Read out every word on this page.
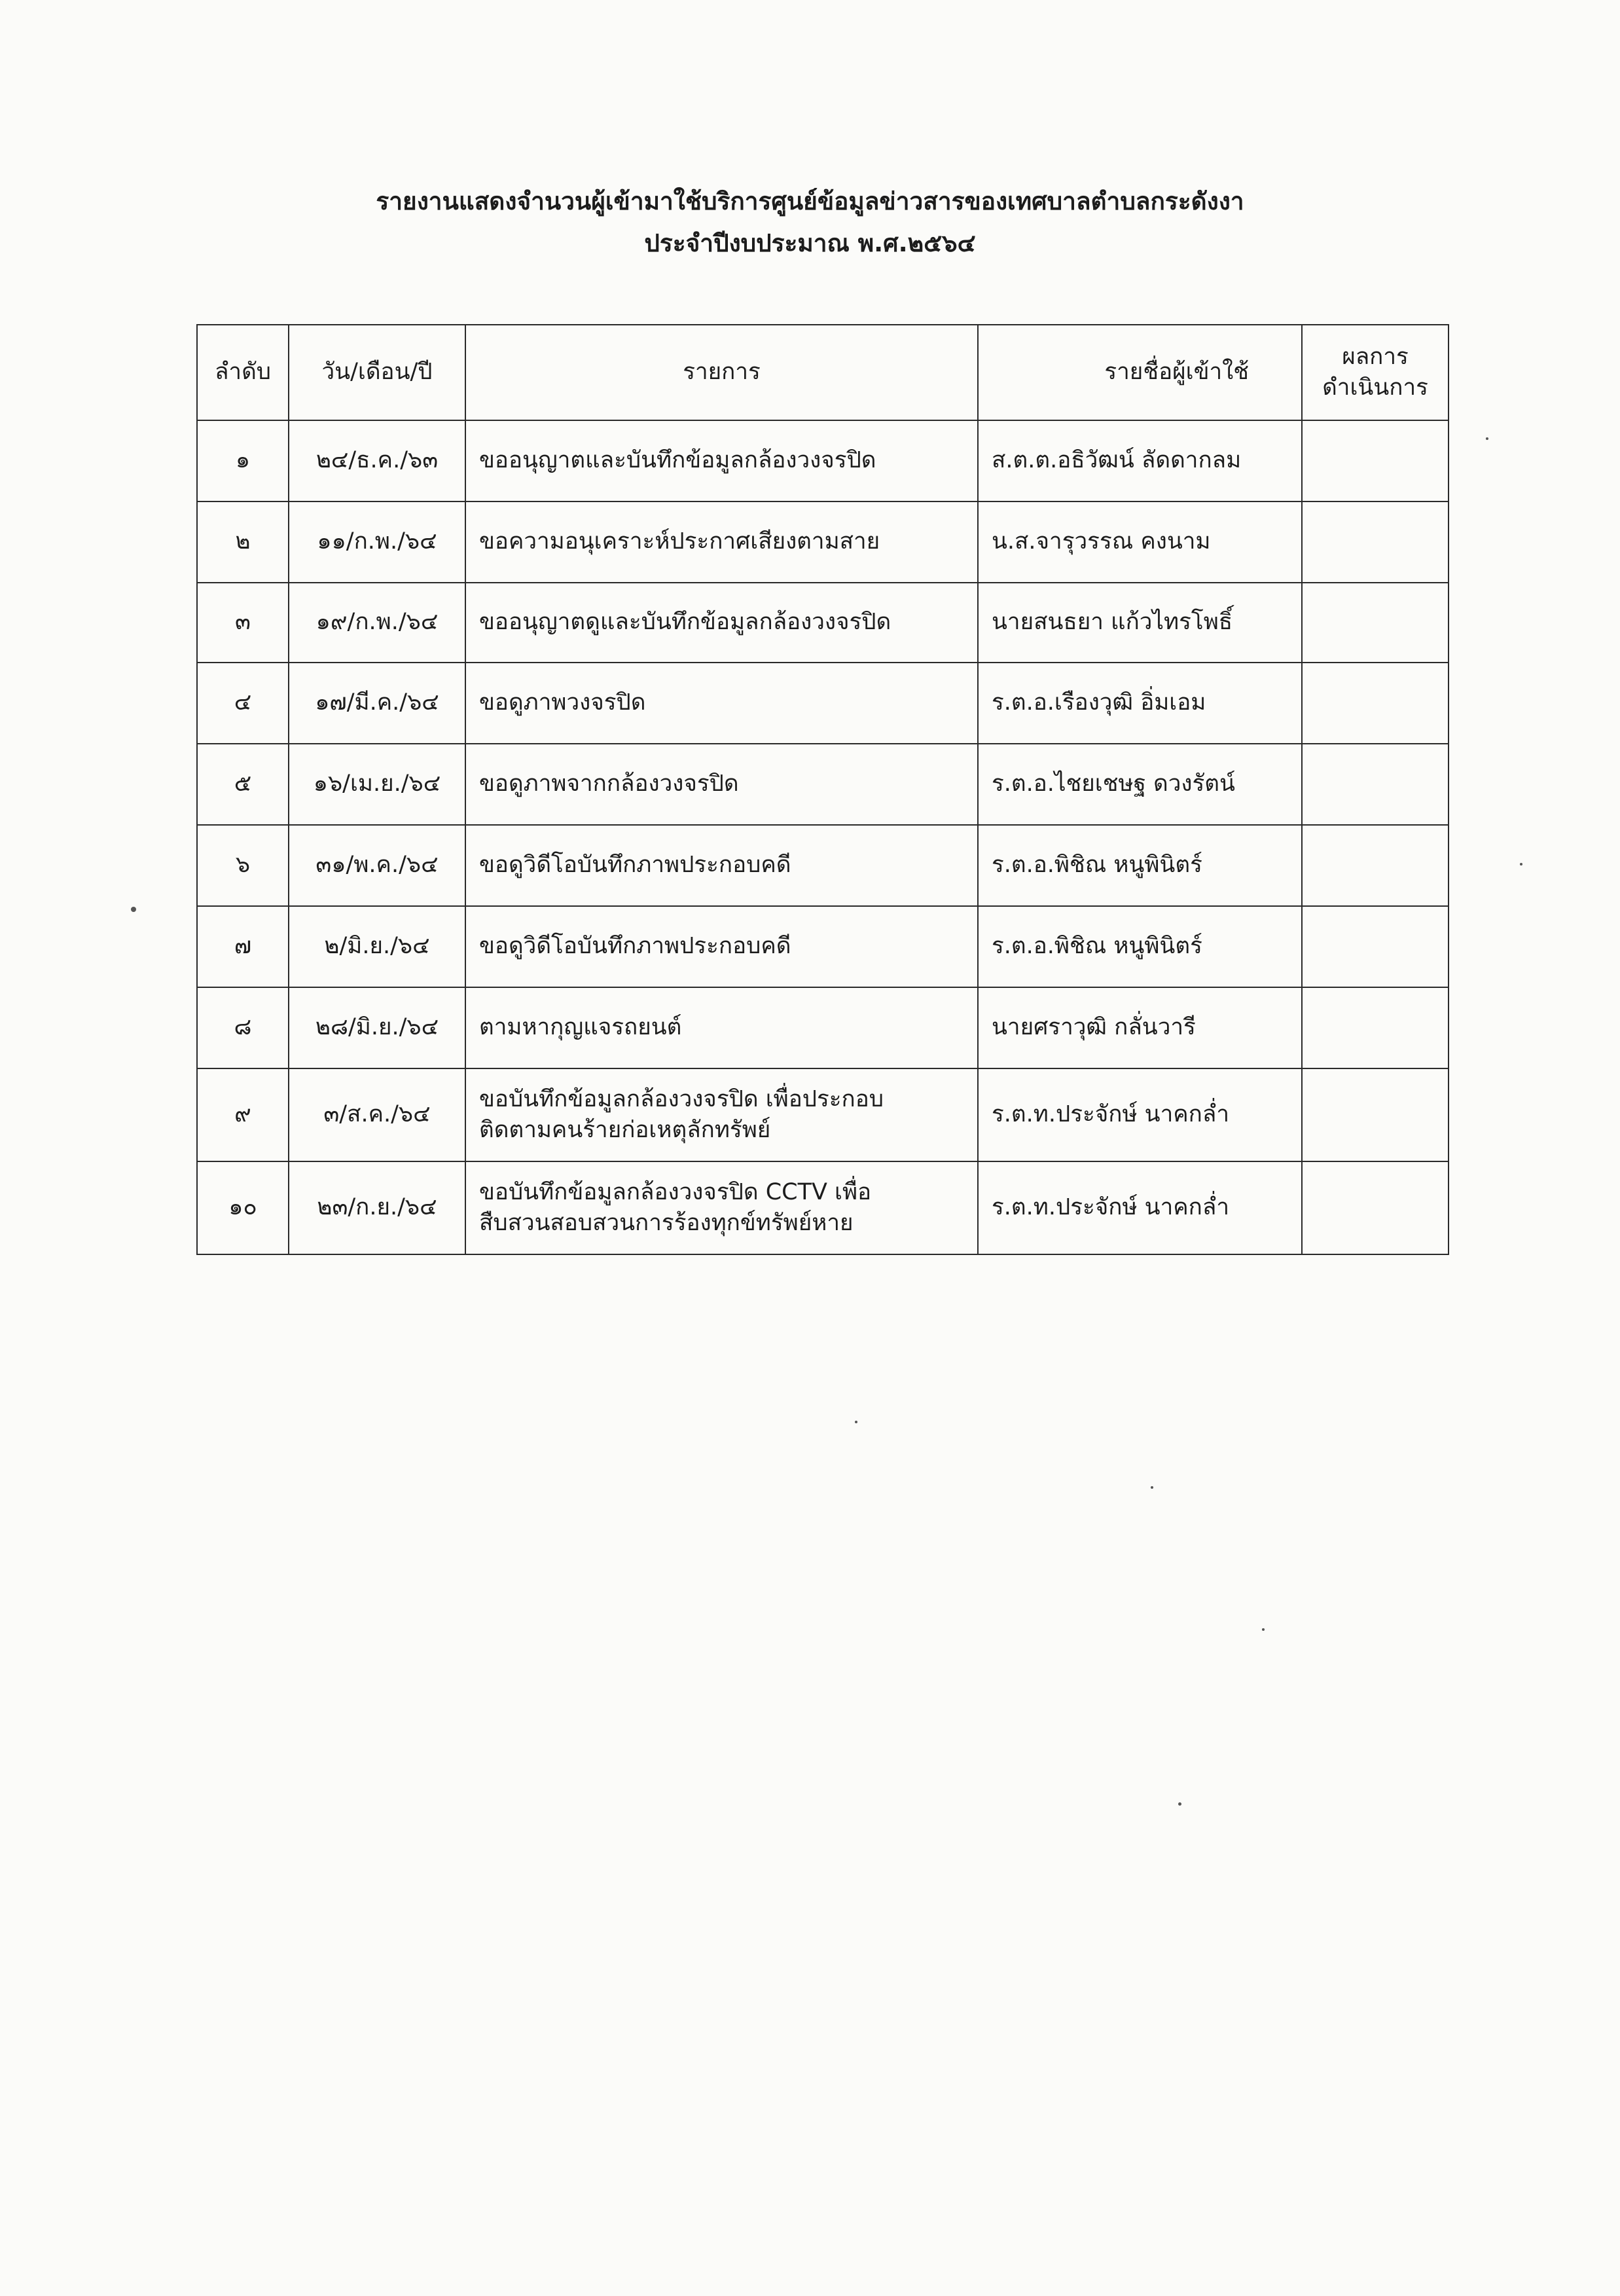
รายงานแสดงจำนวนผู้เข้ามาใช้บริการศูนย์ข้อมูลข่าวสารของเทศบาลตำบลกระดังงา
ประจำปีงบประมาณ พ.ศ.๒๕๖๔
ลำดับ	วัน/เดือน/ปี	รายการ	รายชื่อผู้เข้าใช้	ผลการ
ดำเนินการ

๑	๒๔/ธ.ค./๖๓	ขออนุญาตและบันทึกข้อมูลกล้องวงจรปิด	ส.ต.ต.อธิวัฒน์ ลัดดากลม	
๒	๑๑/ก.พ./๖๔	ขอความอนุเคราะห์ประกาศเสียงตามสาย	น.ส.จารุวรรณ คงนาม	
๓	๑๙/ก.พ./๖๔	ขออนุญาตดูและบันทึกข้อมูลกล้องวงจรปิด	นายสนธยา แก้วไทรโพธิ์	
๔	๑๗/มี.ค./๖๔	ขอดูภาพวงจรปิด	ร.ต.อ.เรืองวุฒิ อิ่มเอม	
๕	๑๖/เม.ย./๖๔	ขอดูภาพจากกล้องวงจรปิด	ร.ต.อ.ไชยเชษฐ ดวงรัตน์	
๖	๓๑/พ.ค./๖๔	ขอดูวิดีโอบันทึกภาพประกอบคดี	ร.ต.อ.พิชิณ หนูพินิตร์	
๗	๒/มิ.ย./๖๔	ขอดูวิดีโอบันทึกภาพประกอบคดี	ร.ต.อ.พิชิณ หนูพินิตร์	
๘	๒๘/มิ.ย./๖๔	ตามหากุญแจรถยนต์	นายศราวุฒิ กลั่นวารี	
๙	๓/ส.ค./๖๔	ขอบันทึกข้อมูลกล้องวงจรปิด เพื่อประกอบ
ติดตามคนร้ายก่อเหตุลักทรัพย์	ร.ต.ท.ประจักษ์ นาคกล่ำ	
๑๐	๒๓/ก.ย./๖๔	ขอบันทึกข้อมูลกล้องวงจรปิด CCTV เพื่อ
สืบสวนสอบสวนการร้องทุกข์ทรัพย์หาย	ร.ต.ท.ประจักษ์ นาคกล่ำ	
